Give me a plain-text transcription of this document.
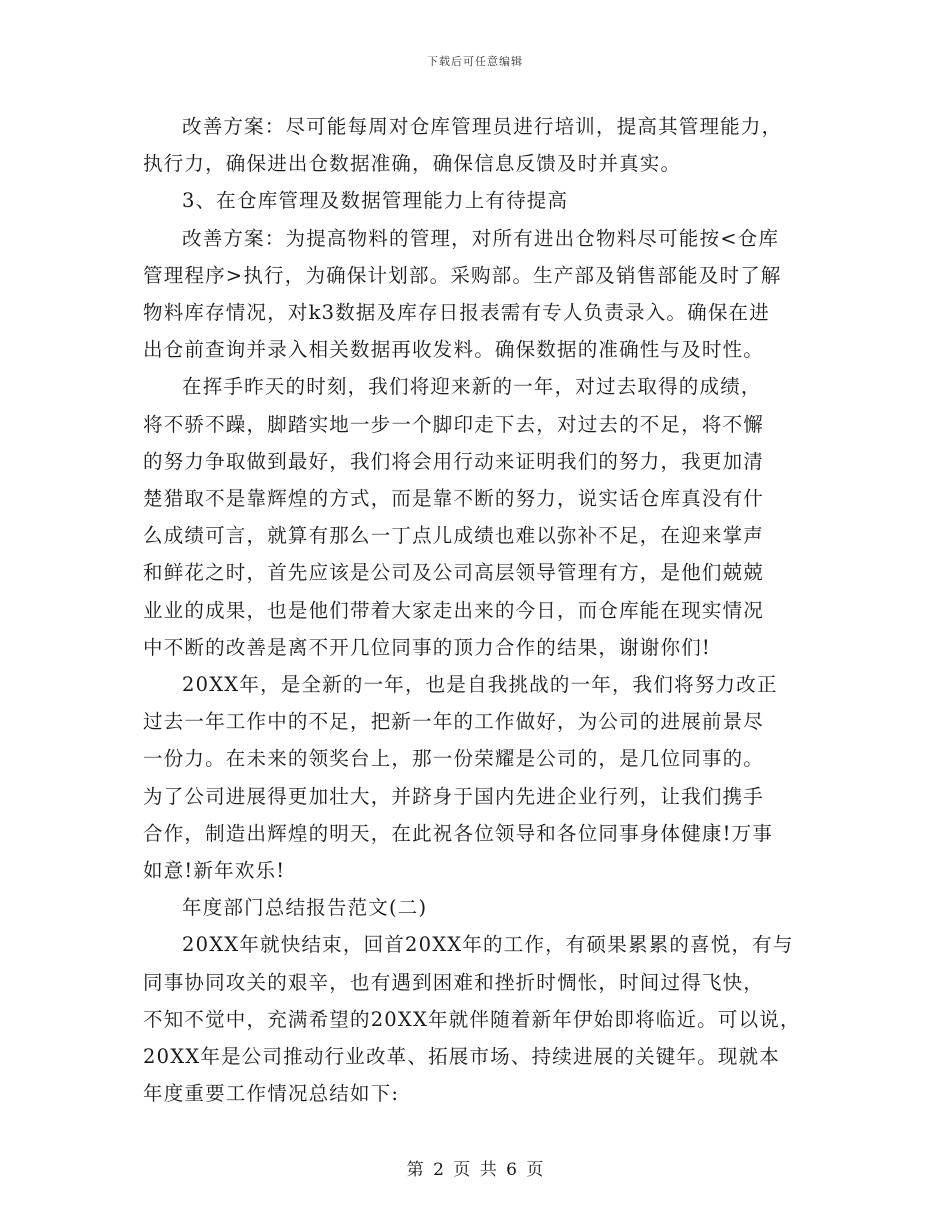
下载后可任意编辑

改善方案：尽可能每周对仓库管理员进行培训，提高其管理能力，
执行力，确保进出仓数据准确，确保信息反馈及时并真实。

3、在仓库管理及数据管理能力上有待提高

改善方案：为提高物料的管理，对所有进出仓物料尽可能按<仓库
管理程序>执行，为确保计划部。采购部。生产部及销售部能及时了解
物料库存情况，对k3数据及库存日报表需有专人负责录入。确保在进
出仓前查询并录入相关数据再收发料。确保数据的准确性与及时性。

在挥手昨天的时刻，我们将迎来新的一年，对过去取得的成绩，
将不骄不躁，脚踏实地一步一个脚印走下去，对过去的不足，将不懈
的努力争取做到最好，我们将会用行动来证明我们的努力，我更加清
楚猎取不是靠辉煌的方式，而是靠不断的努力，说实话仓库真没有什
么成绩可言，就算有那么一丁点儿成绩也难以弥补不足，在迎来掌声
和鲜花之时，首先应该是公司及公司高层领导管理有方，是他们兢兢
业业的成果，也是他们带着大家走出来的今日，而仓库能在现实情况
中不断的改善是离不开几位同事的顶力合作的结果，谢谢你们!

20XX年，是全新的一年，也是自我挑战的一年，我们将努力改正
过去一年工作中的不足，把新一年的工作做好，为公司的进展前景尽
一份力。在未来的领奖台上，那一份荣耀是公司的，是几位同事的。
为了公司进展得更加壮大，并跻身于国内先进企业行列，让我们携手
合作，制造出辉煌的明天，在此祝各位领导和各位同事身体健康!万事
如意!新年欢乐!

年度部门总结报告范文(二)

20XX年就快结束，回首20XX年的工作，有硕果累累的喜悦，有与
同事协同攻关的艰辛，也有遇到困难和挫折时惆怅，时间过得飞快，
不知不觉中，充满希望的20XX年就伴随着新年伊始即将临近。可以说，
20XX年是公司推动行业改革、拓展市场、持续进展的关键年。现就本
年度重要工作情况总结如下:

第 2 页 共 6 页
